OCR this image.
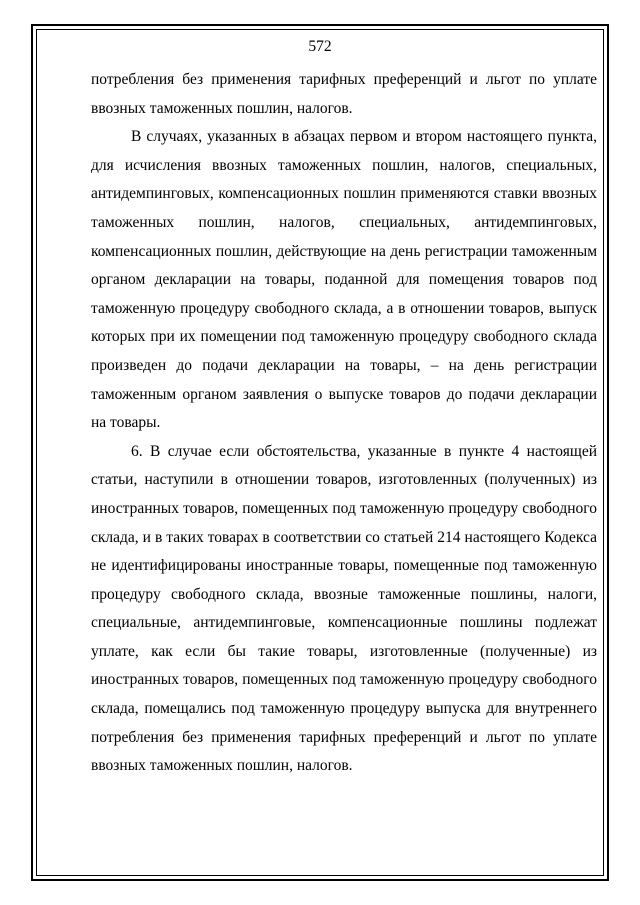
572

потребления без применения тарифных преференций и льгот по уплате ввозных таможенных пошлин, налогов.

В случаях, указанных в абзацах первом и втором настоящего пункта, для исчисления ввозных таможенных пошлин, налогов, специальных, антидемпинговых, компенсационных пошлин применяются ставки ввозных таможенных пошлин, налогов, специальных, антидемпинговых, компенсационных пошлин, действующие на день регистрации таможенным органом декларации на товары, поданной для помещения товаров под таможенную процедуру свободного склада, а в отношении товаров, выпуск которых при их помещении под таможенную процедуру свободного склада произведен до подачи декларации на товары, – на день регистрации таможенным органом заявления о выпуске товаров до подачи декларации на товары.

6. В случае если обстоятельства, указанные в пункте 4 настоящей статьи, наступили в отношении товаров, изготовленных (полученных) из иностранных товаров, помещенных под таможенную процедуру свободного склада, и в таких товарах в соответствии со статьей 214 настоящего Кодекса не идентифицированы иностранные товары, помещенные под таможенную процедуру свободного склада, ввозные таможенные пошлины, налоги, специальные, антидемпинговые, компенсационные пошлины подлежат уплате, как если бы такие товары, изготовленные (полученные) из иностранных товаров, помещенных под таможенную процедуру свободного склада, помещались под таможенную процедуру выпуска для внутреннего потребления без применения тарифных преференций и льгот по уплате ввозных таможенных пошлин, налогов.
